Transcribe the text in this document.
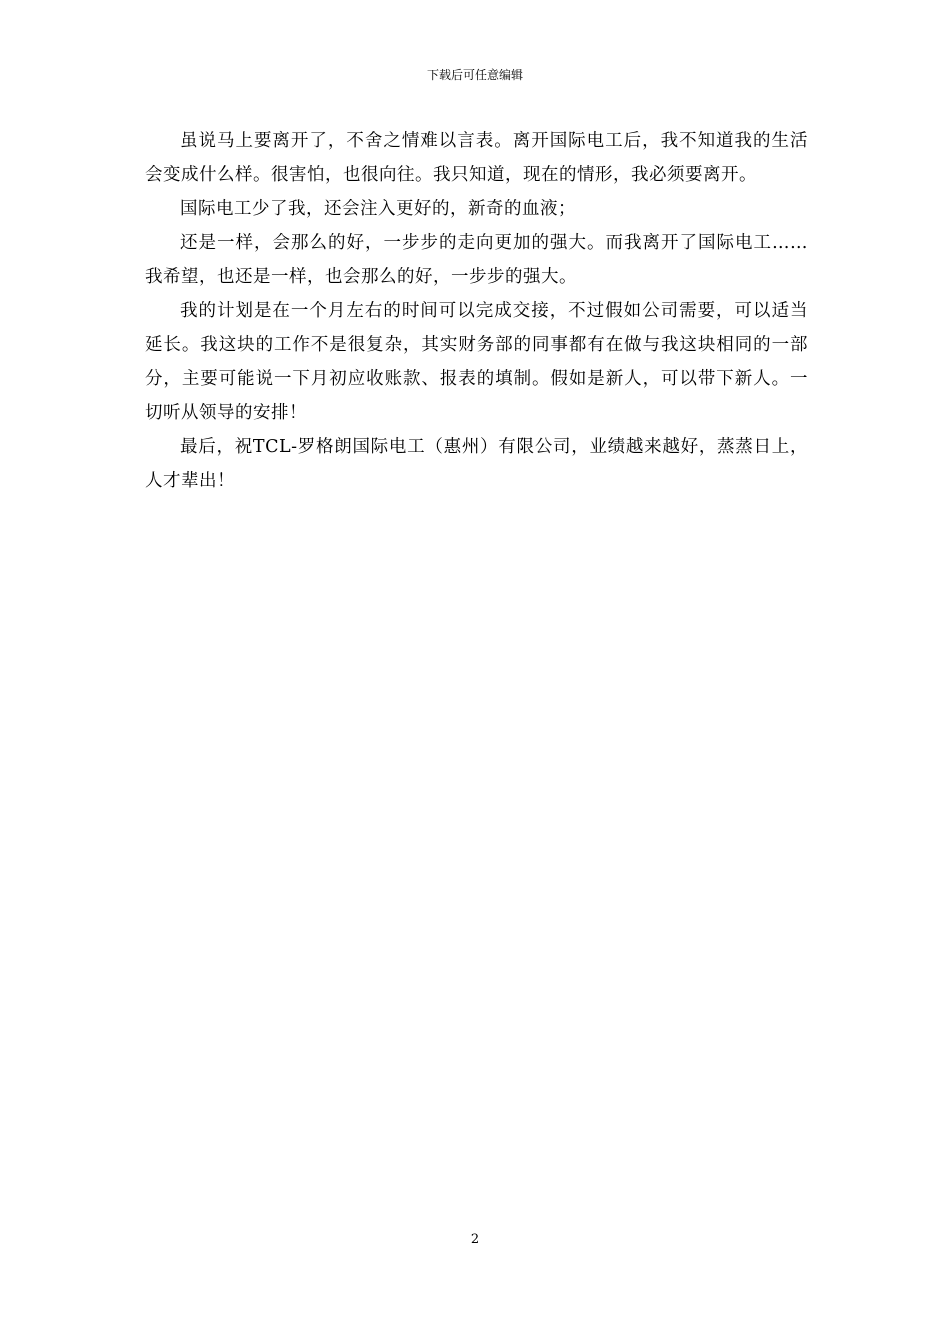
下载后可任意编辑

虽说马上要离开了，不舍之情难以言表。离开国际电工后，我不知道我的生活会变成什么样。很害怕，也很向往。我只知道，现在的情形，我必须要离开。

国际电工少了我，还会注入更好的，新奇的血液；

还是一样，会那么的好，一步步的走向更加的强大。而我离开了国际电工……我希望，也还是一样，也会那么的好，一步步的强大。

我的计划是在一个月左右的时间可以完成交接，不过假如公司需要，可以适当延长。我这块的工作不是很复杂，其实财务部的同事都有在做与我这块相同的一部分，主要可能说一下月初应收账款、报表的填制。假如是新人，可以带下新人。一切听从领导的安排！

最后，祝TCL-罗格朗国际电工（惠州）有限公司，业绩越来越好，蒸蒸日上，人才辈出！

2
